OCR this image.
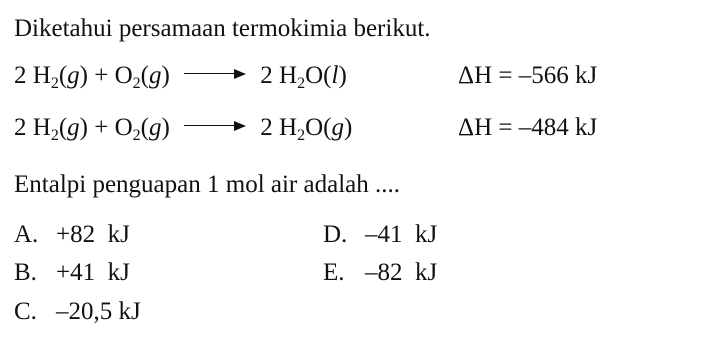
Diketahui persamaan termokimia berikut.
2 $H_2(g) + O_2(g)$	2 $H_2O(l)$	ΔH = –566 kJ
2 $H_2(g) + O_2(g)$	2 $H_2O(g)$	ΔH = –484 kJ
Entalpi penguapan 1 mol air adalah ....
A. +82  kJ
B. +41  kJ
C. –20,5 kJ
D. –41  kJ
E. –82  kJ
